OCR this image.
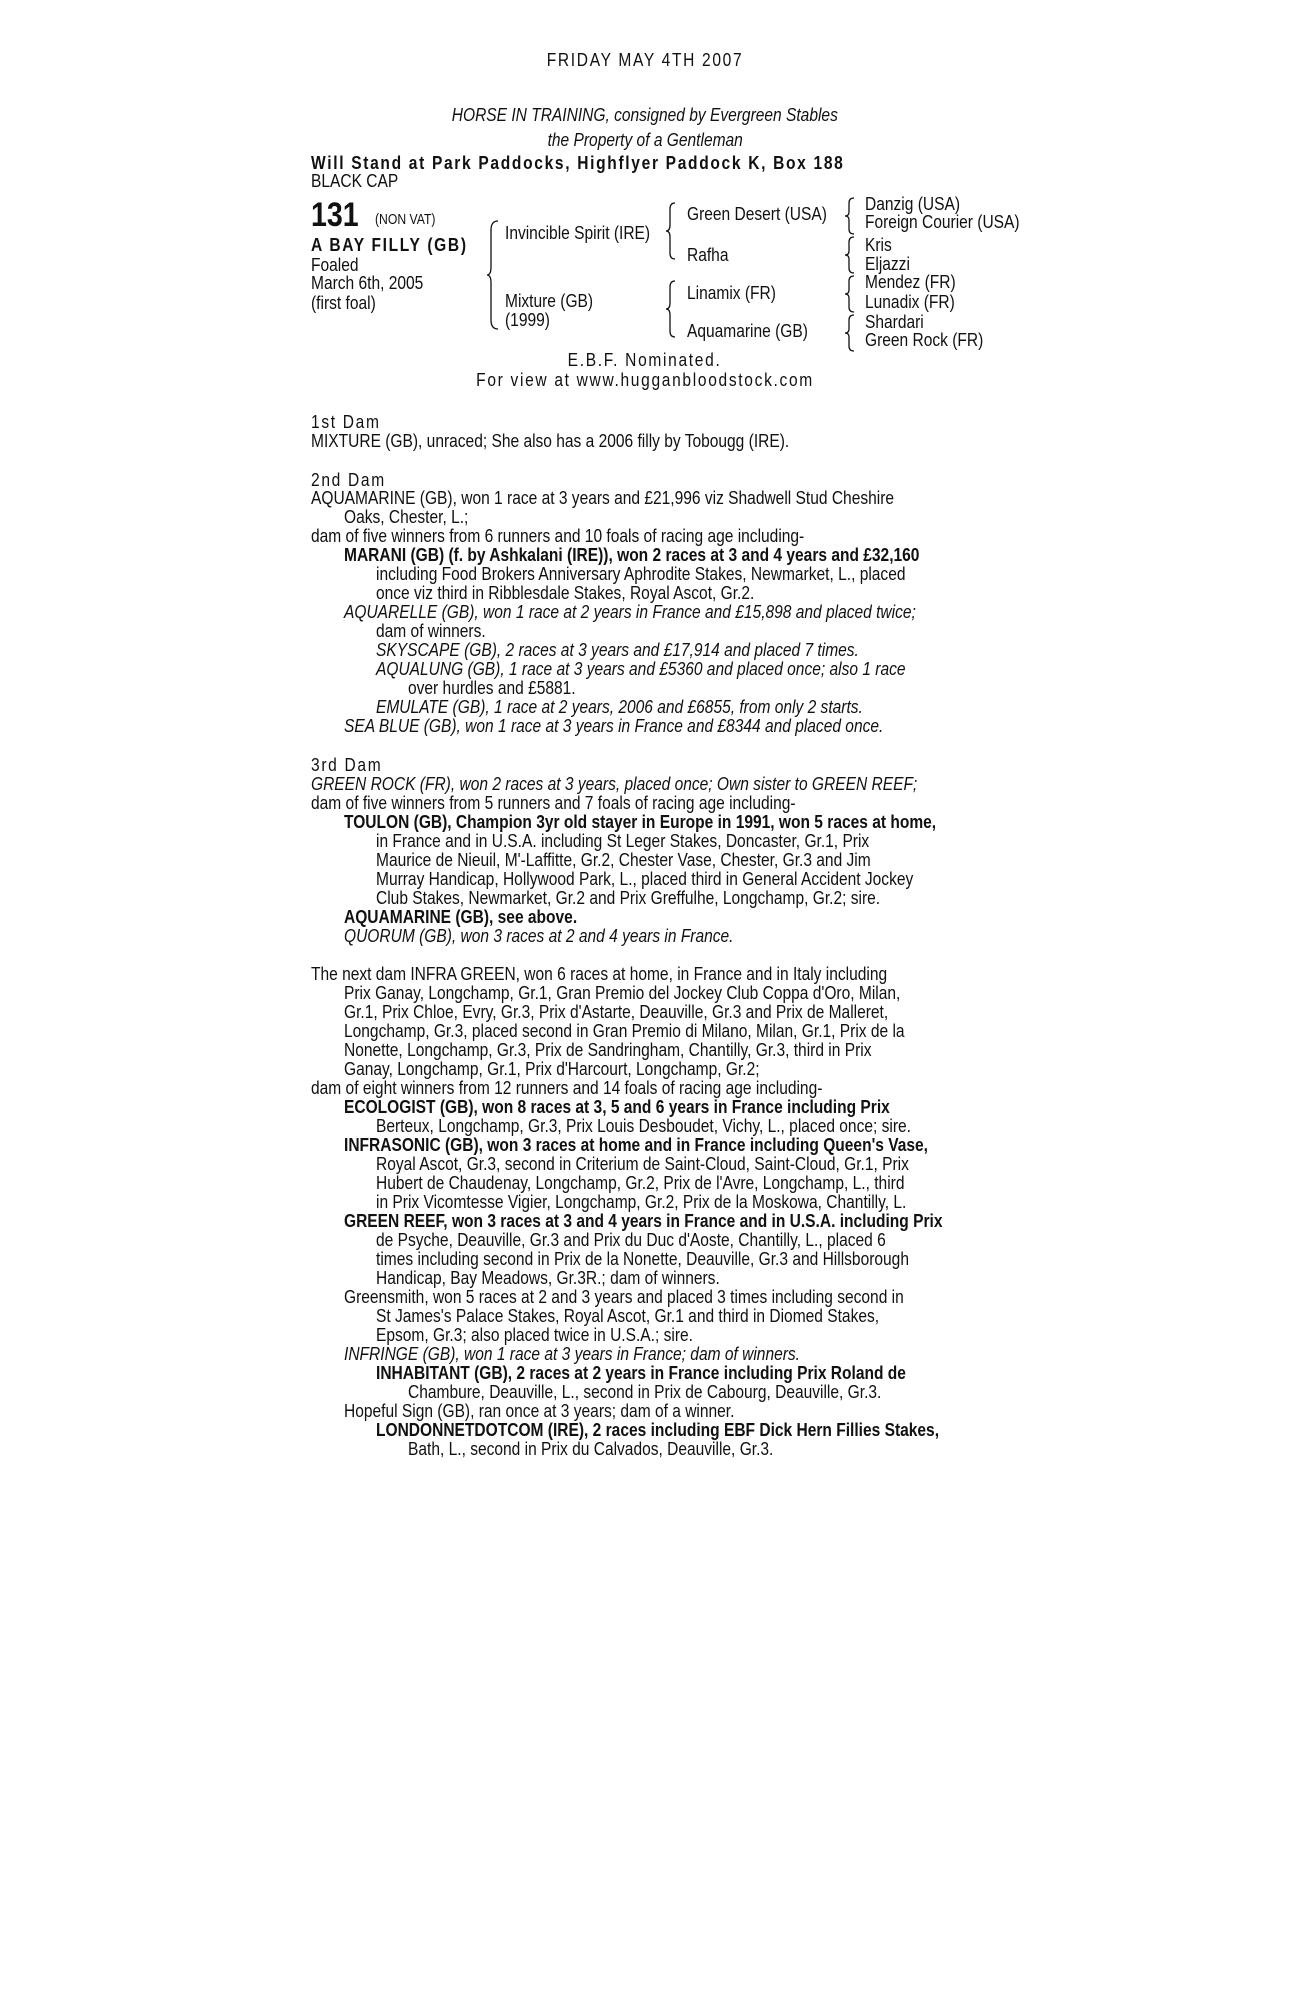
FRIDAY MAY 4TH 2007
HORSE IN TRAINING, consigned by Evergreen Stables
the Property of a Gentleman
Will Stand at Park Paddocks, Highflyer Paddock K, Box 188
BLACK CAP
131	(NON VAT)
A BAY FILLY (GB)
Foaled
March 6th, 2005
(first foal)
Invincible Spirit (IRE)
Mixture (GB)
(1999)
Green Desert (USA)
Rafha
Linamix (FR)
Aquamarine (GB)
Danzig (USA)
Foreign Courier (USA)
Kris
Eljazzi
Mendez (FR)
Lunadix (FR)
Shardari
Green Rock (FR)
E.B.F. Nominated.
For view at www.hugganbloodstock.com
1st Dam
MIXTURE (GB), unraced; She also has a 2006 filly by Tobougg (IRE).
2nd Dam
AQUAMARINE (GB), won 1 race at 3 years and £21,996 viz Shadwell Stud Cheshire
Oaks, Chester, L.;
dam of five winners from 6 runners and 10 foals of racing age including-
MARANI (GB) (f. by Ashkalani (IRE)), won 2 races at 3 and 4 years and £32,160
including Food Brokers Anniversary Aphrodite Stakes, Newmarket, L., placed
once viz third in Ribblesdale Stakes, Royal Ascot, Gr.2.
AQUARELLE (GB), won 1 race at 2 years in France and £15,898 and placed twice;
dam of winners.
SKYSCAPE (GB), 2 races at 3 years and £17,914 and placed 7 times.
AQUALUNG (GB), 1 race at 3 years and £5360 and placed once; also 1 race
over hurdles and £5881.
EMULATE (GB), 1 race at 2 years, 2006 and £6855, from only 2 starts.
SEA BLUE (GB), won 1 race at 3 years in France and £8344 and placed once.
3rd Dam
GREEN ROCK (FR), won 2 races at 3 years, placed once; Own sister to GREEN REEF;
dam of five winners from 5 runners and 7 foals of racing age including-
TOULON (GB), Champion 3yr old stayer in Europe in 1991, won 5 races at home,
in France and in U.S.A. including St Leger Stakes, Doncaster, Gr.1, Prix
Maurice de Nieuil, M'-Laffitte, Gr.2, Chester Vase, Chester, Gr.3 and Jim
Murray Handicap, Hollywood Park, L., placed third in General Accident Jockey
Club Stakes, Newmarket, Gr.2 and Prix Greffulhe, Longchamp, Gr.2; sire.
AQUAMARINE (GB), see above.
QUORUM (GB), won 3 races at 2 and 4 years in France.
The next dam INFRA GREEN, won 6 races at home, in France and in Italy including
Prix Ganay, Longchamp, Gr.1, Gran Premio del Jockey Club Coppa d'Oro, Milan,
Gr.1, Prix Chloe, Evry, Gr.3, Prix d'Astarte, Deauville, Gr.3 and Prix de Malleret,
Longchamp, Gr.3, placed second in Gran Premio di Milano, Milan, Gr.1, Prix de la
Nonette, Longchamp, Gr.3, Prix de Sandringham, Chantilly, Gr.3, third in Prix
Ganay, Longchamp, Gr.1, Prix d'Harcourt, Longchamp, Gr.2;
dam of eight winners from 12 runners and 14 foals of racing age including-
ECOLOGIST (GB), won 8 races at 3, 5 and 6 years in France including Prix
Berteux, Longchamp, Gr.3, Prix Louis Desboudet, Vichy, L., placed once; sire.
INFRASONIC (GB), won 3 races at home and in France including Queen's Vase,
Royal Ascot, Gr.3, second in Criterium de Saint-Cloud, Saint-Cloud, Gr.1, Prix
Hubert de Chaudenay, Longchamp, Gr.2, Prix de l'Avre, Longchamp, L., third
in Prix Vicomtesse Vigier, Longchamp, Gr.2, Prix de la Moskowa, Chantilly, L.
GREEN REEF, won 3 races at 3 and 4 years in France and in U.S.A. including Prix
de Psyche, Deauville, Gr.3 and Prix du Duc d'Aoste, Chantilly, L., placed 6
times including second in Prix de la Nonette, Deauville, Gr.3 and Hillsborough
Handicap, Bay Meadows, Gr.3R.; dam of winners.
Greensmith, won 5 races at 2 and 3 years and placed 3 times including second in
St James's Palace Stakes, Royal Ascot, Gr.1 and third in Diomed Stakes,
Epsom, Gr.3; also placed twice in U.S.A.; sire.
INFRINGE (GB), won 1 race at 3 years in France; dam of winners.
INHABITANT (GB), 2 races at 2 years in France including Prix Roland de
Chambure, Deauville, L., second in Prix de Cabourg, Deauville, Gr.3.
Hopeful Sign (GB), ran once at 3 years; dam of a winner.
LONDONNETDOTCOM (IRE), 2 races including EBF Dick Hern Fillies Stakes,
Bath, L., second in Prix du Calvados, Deauville, Gr.3.
